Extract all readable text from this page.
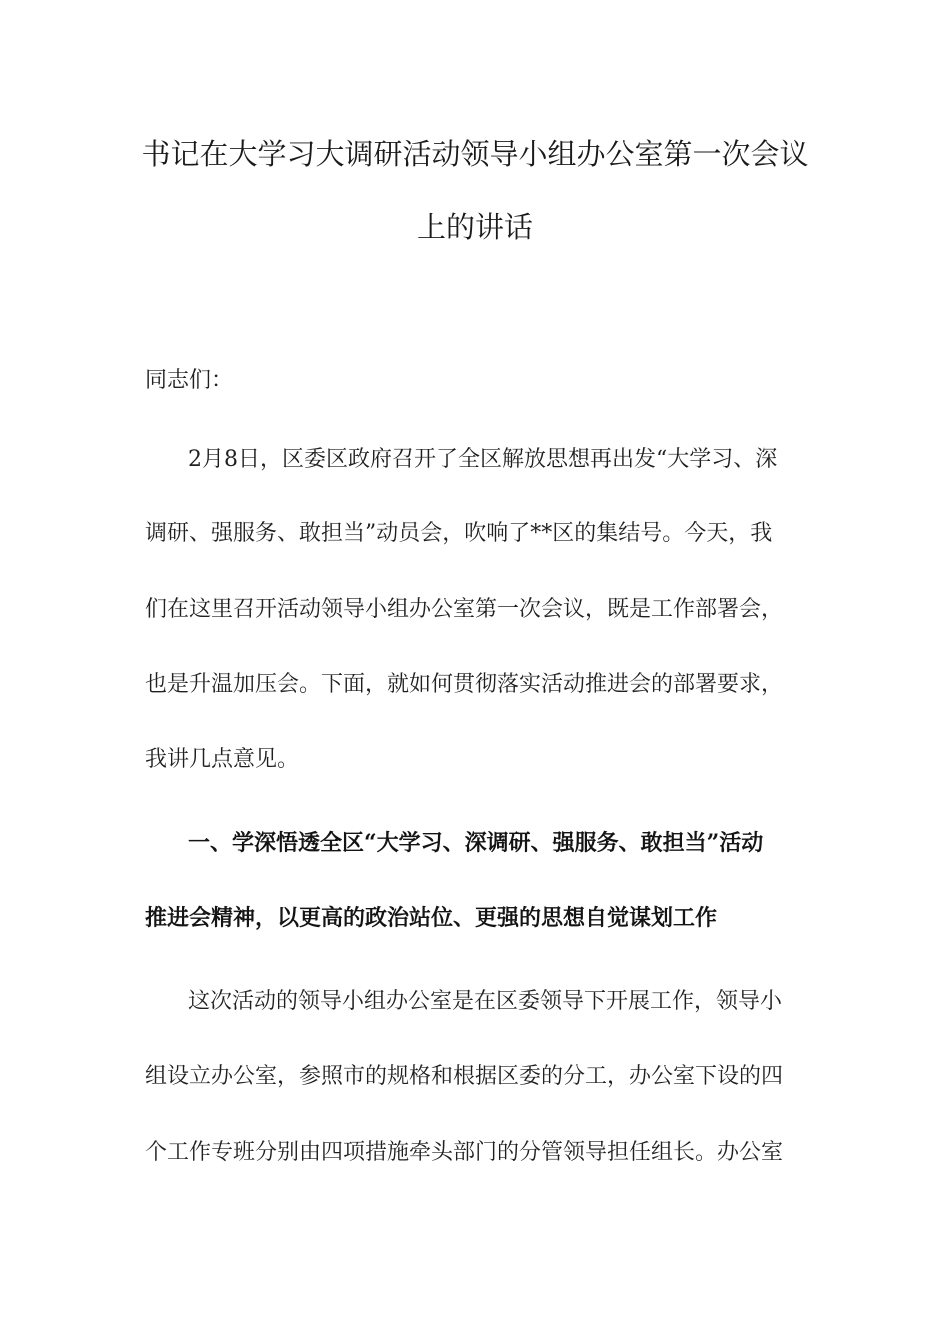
书记在大学习大调研活动领导小组办公室第一次会议
上的讲话
同志们：
2月8日，区委区政府召开了全区解放思想再出发“大学习、深
调研、强服务、敢担当”动员会，吹响了**区的集结号。今天，我
们在这里召开活动领导小组办公室第一次会议，既是工作部署会，
也是升温加压会。下面，就如何贯彻落实活动推进会的部署要求，
我讲几点意见。
一、学深悟透全区“大学习、深调研、强服务、敢担当”活动
推进会精神，以更高的政治站位、更强的思想自觉谋划工作
这次活动的领导小组办公室是在区委领导下开展工作，领导小
组设立办公室，参照市的规格和根据区委的分工，办公室下设的四
个工作专班分别由四项措施牵头部门的分管领导担任组长。办公室
